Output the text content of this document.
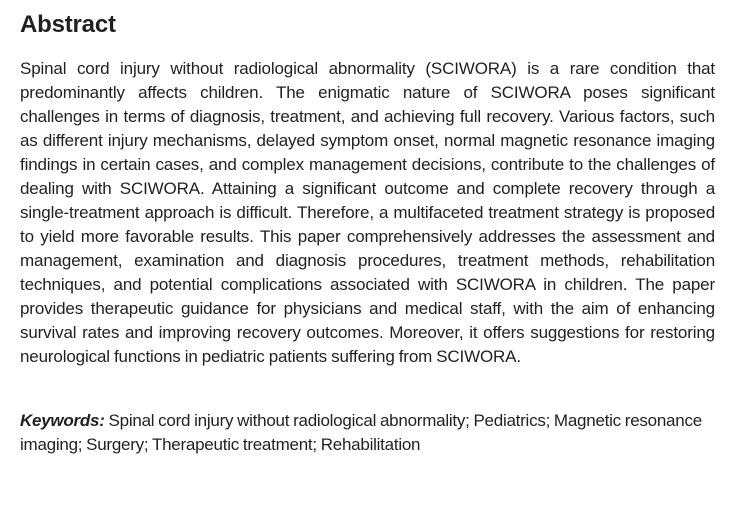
Abstract

Spinal cord injury without radiological abnormality (SCIWORA) is a rare condition that predominantly affects children. The enigmatic nature of SCIWORA poses significant challenges in terms of diagnosis, treatment, and achieving full recovery. Various factors, such as different injury mechanisms, delayed symptom onset, normal magnetic resonance imaging findings in certain cases, and complex management decisions, contribute to the challenges of dealing with SCIWORA. Attaining a significant outcome and complete recovery through a single-treatment approach is difficult. Therefore, a multifaceted treatment strategy is proposed to yield more favorable results. This paper comprehensively addresses the assessment and management, examination and diagnosis procedures, treatment methods, rehabilitation techniques, and potential complications associated with SCIWORA in children. The paper provides therapeutic guidance for physicians and medical staff, with the aim of enhancing survival rates and improving recovery outcomes. Moreover, it offers suggestions for restoring neurological functions in pediatric patients suffering from SCIWORA.

Keywords: Spinal cord injury without radiological abnormality; Pediatrics; Magnetic resonance imaging; Surgery; Therapeutic treatment; Rehabilitation
